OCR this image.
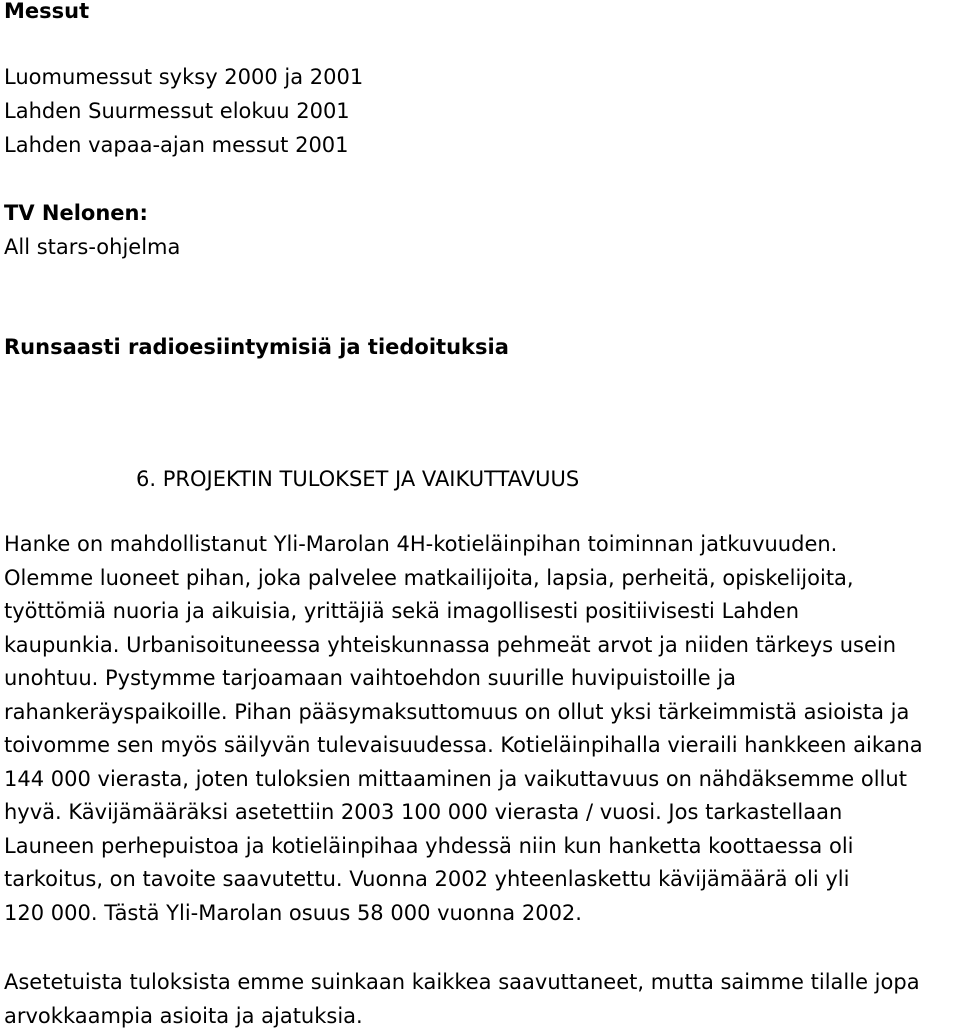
Messut
Luomumessut syksy 2000 ja 2001
Lahden Suurmessut elokuu 2001
Lahden vapaa-ajan messut 2001
TV Nelonen:
All stars-ohjelma
Runsaasti radioesiintymisiä ja tiedoituksia
6. PROJEKTIN TULOKSET JA VAIKUTTAVUUS
Hanke on mahdollistanut Yli-Marolan 4H-kotieläinpihan toiminnan jatkuvuuden.
Olemme luoneet pihan, joka palvelee matkailijoita, lapsia, perheitä, opiskelijoita,
työttömiä nuoria ja aikuisia, yrittäjiä sekä imagollisesti positiivisesti Lahden
kaupunkia. Urbanisoituneessa yhteiskunnassa pehmeät arvot ja niiden tärkeys usein
unohtuu. Pystymme tarjoamaan vaihtoehdon suurille huvipuistoille ja
rahankeräyspaikoille. Pihan pääsymaksuttomuus on ollut yksi tärkeimmistä asioista ja
toivomme sen myös säilyvän tulevaisuudessa. Kotieläinpihalla vieraili hankkeen aikana
144 000 vierasta, joten tuloksien mittaaminen ja vaikuttavuus on nähdäksemme ollut
hyvä. Kävijämääräksi asetettiin 2003 100 000 vierasta / vuosi. Jos tarkastellaan
Launeen perhepuistoa ja kotieläinpihaa yhdessä niin kun hanketta koottaessa oli
tarkoitus, on tavoite saavutettu. Vuonna 2002 yhteenlaskettu kävijämäärä oli yli
120 000. Tästä Yli-Marolan osuus 58 000 vuonna 2002.
Asetetuista tuloksista emme suinkaan kaikkea saavuttaneet, mutta saimme tilalle jopa
arvokkaampia asioita ja ajatuksia.
